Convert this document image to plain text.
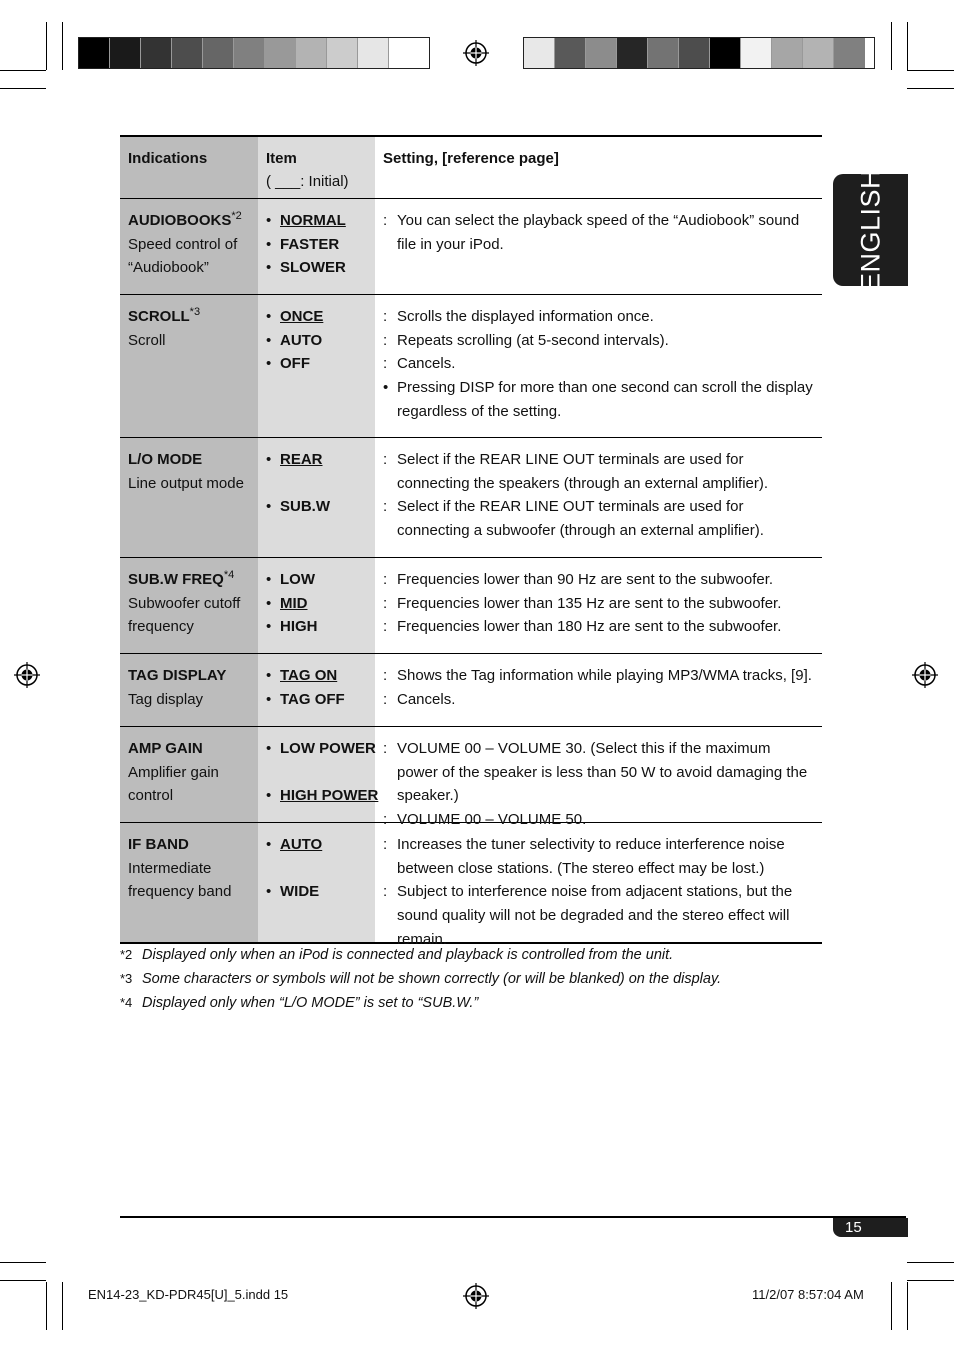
ENGLISH
Indications	Item
( ___: Initial)
Setting, [reference page]
AUDIOBOOKS$^{*2}$
Speed control of
“Audiobook”
• NORMAL
• FASTER
• SLOWER
: You can select the playback speed of the “Audiobook” sound file in your iPod.
SCROLL$^{*3}$
Scroll
• ONCE
• AUTO
• OFF
: Scrolls the displayed information once.
: Repeats scrolling (at 5-second intervals).
: Cancels.
• Pressing DISP for more than one second can scroll the display regardless of the setting.
L/O MODE
Line output mode
• REAR
• SUB.W
: Select if the REAR LINE OUT terminals are used for connecting the speakers (through an external amplifier).
: Select if the REAR LINE OUT terminals are used for connecting a subwoofer (through an external amplifier).
SUB.W FREQ$^{*4}$
Subwoofer cutoff
frequency
• LOW
• MID
• HIGH
: Frequencies lower than 90 Hz are sent to the subwoofer.
: Frequencies lower than 135 Hz are sent to the subwoofer.
: Frequencies lower than 180 Hz are sent to the subwoofer.
TAG DISPLAY
Tag display
• TAG ON
• TAG OFF
: Shows the Tag information while playing MP3/WMA tracks, [9].
: Cancels.
AMP GAIN
Amplifier gain
control
• LOW POWER
• HIGH POWER
: VOLUME 00 – VOLUME 30. (Select this if the maximum power of the speaker is less than 50 W to avoid damaging the speaker.)
: VOLUME 00 – VOLUME 50.
IF BAND
Intermediate
frequency band
• AUTO
• WIDE
: Increases the tuner selectivity to reduce interference noise between close stations. (The stereo effect may be lost.)
: Subject to interference noise from adjacent stations, but the sound quality will not be degraded and the stereo effect will remain.
*2 Displayed only when an iPod is connected and playback is controlled from the unit.
*3 Some characters or symbols will not be shown correctly (or will be blanked) on the display.
*4 Displayed only when “L/O MODE” is set to “SUB.W.”
15
EN14-23_KD-PDR45[U]_5.indd 15	11/2/07 8:57:04 AM
